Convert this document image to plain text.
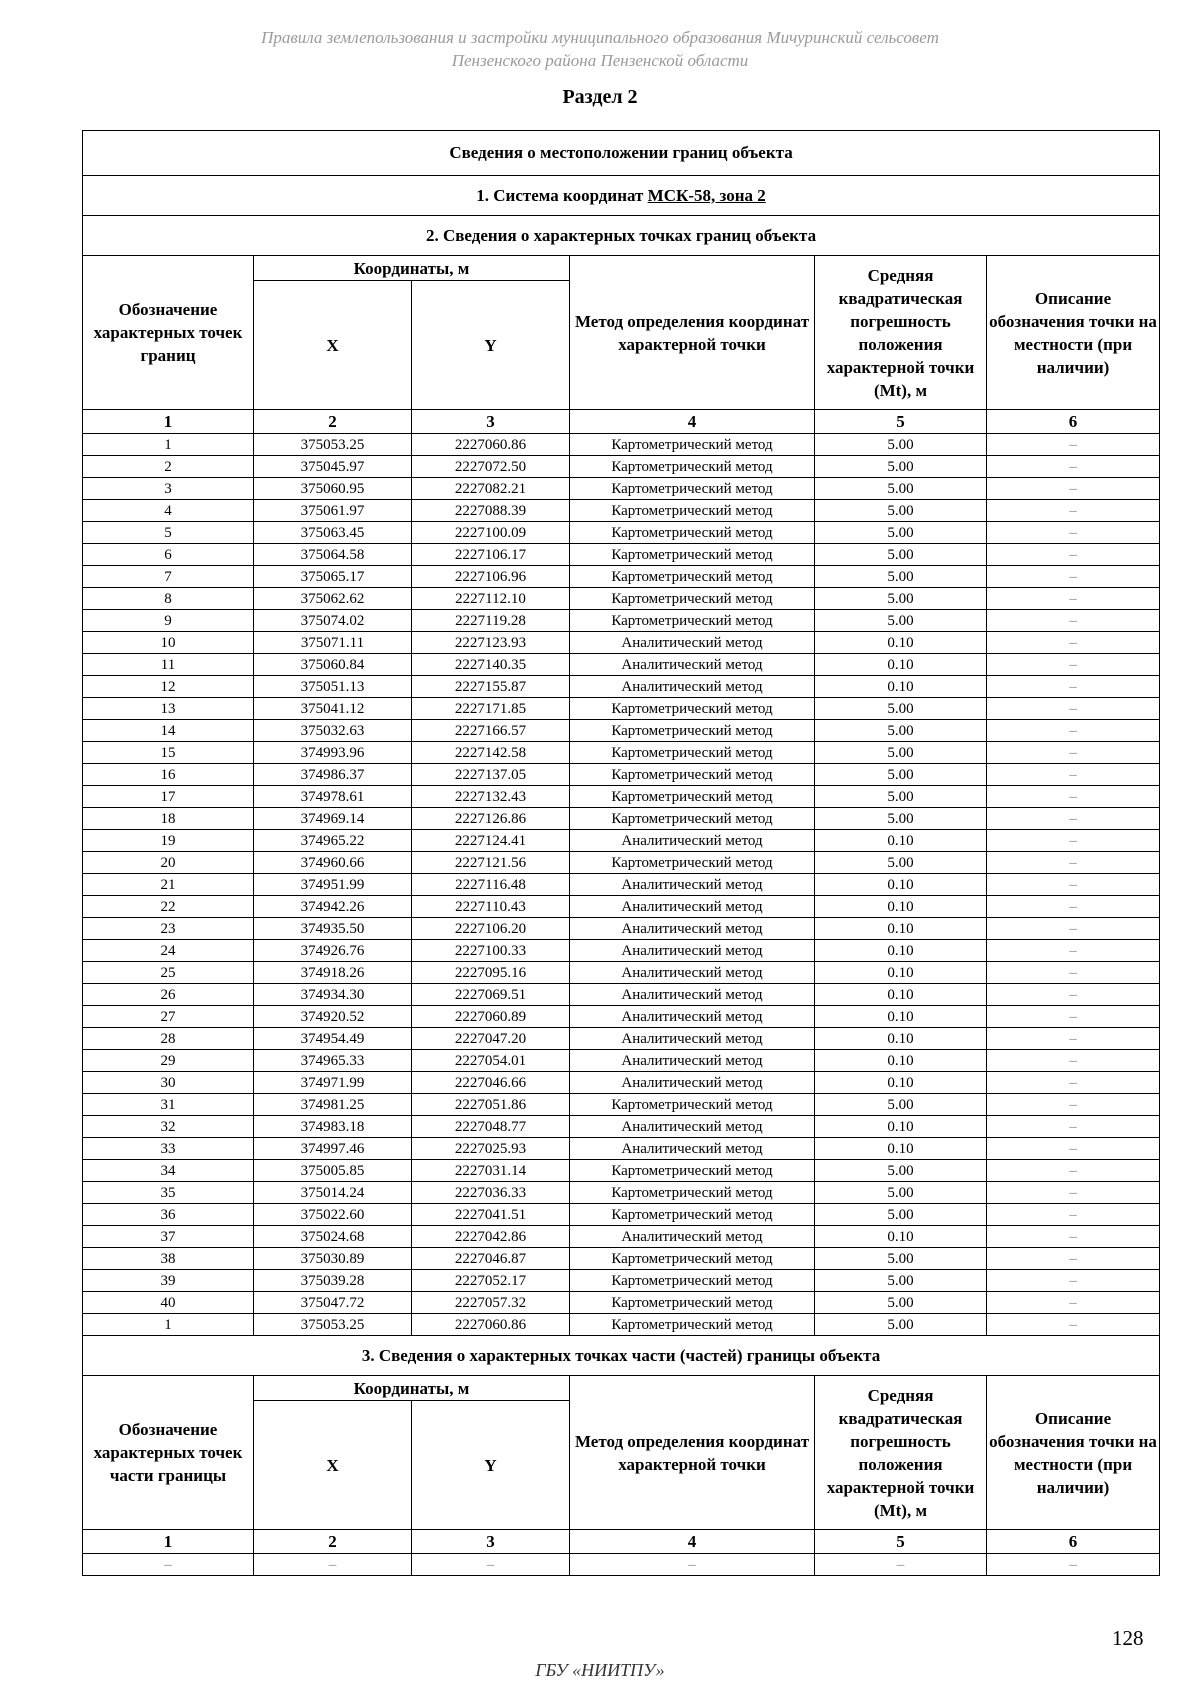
Правила землепользования и застройки муниципального образования Мичуринский сельсовет
Пензенского района Пензенской области
Раздел 2
Сведения о местоположении границ объекта					
1. Система координат МСК-58, зона 2					
2. Сведения о характерных точках границ объекта					
Обозначение характерных точек границ	Координаты, м		Метод определения координат характерной точки	Средняя квадратическая погрешность положения характерной точки (Mt), м	Описание обозначения точки на местности (при наличии)
	X	Y			
1	2	3	4	5	6
1	375053.25	2227060.86	Картометрический метод	5.00	–
2	375045.97	2227072.50	Картометрический метод	5.00	–
3	375060.95	2227082.21	Картометрический метод	5.00	–
4	375061.97	2227088.39	Картометрический метод	5.00	–
5	375063.45	2227100.09	Картометрический метод	5.00	–
6	375064.58	2227106.17	Картометрический метод	5.00	–
7	375065.17	2227106.96	Картометрический метод	5.00	–
8	375062.62	2227112.10	Картометрический метод	5.00	–
9	375074.02	2227119.28	Картометрический метод	5.00	–
10	375071.11	2227123.93	Аналитический метод	0.10	–
11	375060.84	2227140.35	Аналитический метод	0.10	–
12	375051.13	2227155.87	Аналитический метод	0.10	–
13	375041.12	2227171.85	Картометрический метод	5.00	–
14	375032.63	2227166.57	Картометрический метод	5.00	–
15	374993.96	2227142.58	Картометрический метод	5.00	–
16	374986.37	2227137.05	Картометрический метод	5.00	–
17	374978.61	2227132.43	Картометрический метод	5.00	–
18	374969.14	2227126.86	Картометрический метод	5.00	–
19	374965.22	2227124.41	Аналитический метод	0.10	–
20	374960.66	2227121.56	Картометрический метод	5.00	–
21	374951.99	2227116.48	Аналитический метод	0.10	–
22	374942.26	2227110.43	Аналитический метод	0.10	–
23	374935.50	2227106.20	Аналитический метод	0.10	–
24	374926.76	2227100.33	Аналитический метод	0.10	–
25	374918.26	2227095.16	Аналитический метод	0.10	–
26	374934.30	2227069.51	Аналитический метод	0.10	–
27	374920.52	2227060.89	Аналитический метод	0.10	–
28	374954.49	2227047.20	Аналитический метод	0.10	–
29	374965.33	2227054.01	Аналитический метод	0.10	–
30	374971.99	2227046.66	Аналитический метод	0.10	–
31	374981.25	2227051.86	Картометрический метод	5.00	–
32	374983.18	2227048.77	Аналитический метод	0.10	–
33	374997.46	2227025.93	Аналитический метод	0.10	–
34	375005.85	2227031.14	Картометрический метод	5.00	–
35	375014.24	2227036.33	Картометрический метод	5.00	–
36	375022.60	2227041.51	Картометрический метод	5.00	–
37	375024.68	2227042.86	Аналитический метод	0.10	–
38	375030.89	2227046.87	Картометрический метод	5.00	–
39	375039.28	2227052.17	Картометрический метод	5.00	–
40	375047.72	2227057.32	Картометрический метод	5.00	–
1	375053.25	2227060.86	Картометрический метод	5.00	–
3. Сведения о характерных точках части (частей) границы объекта					
Обозначение характерных точек части границы	Координаты, м		Метод определения координат характерной точки	Средняя квадратическая погрешность положения характерной точки (Mt), м	Описание обозначения точки на местности (при наличии)
	X	Y			
1	2	3	4	5	6
–	–	–	–	–	–
128
ГБУ «НИИТПУ»
